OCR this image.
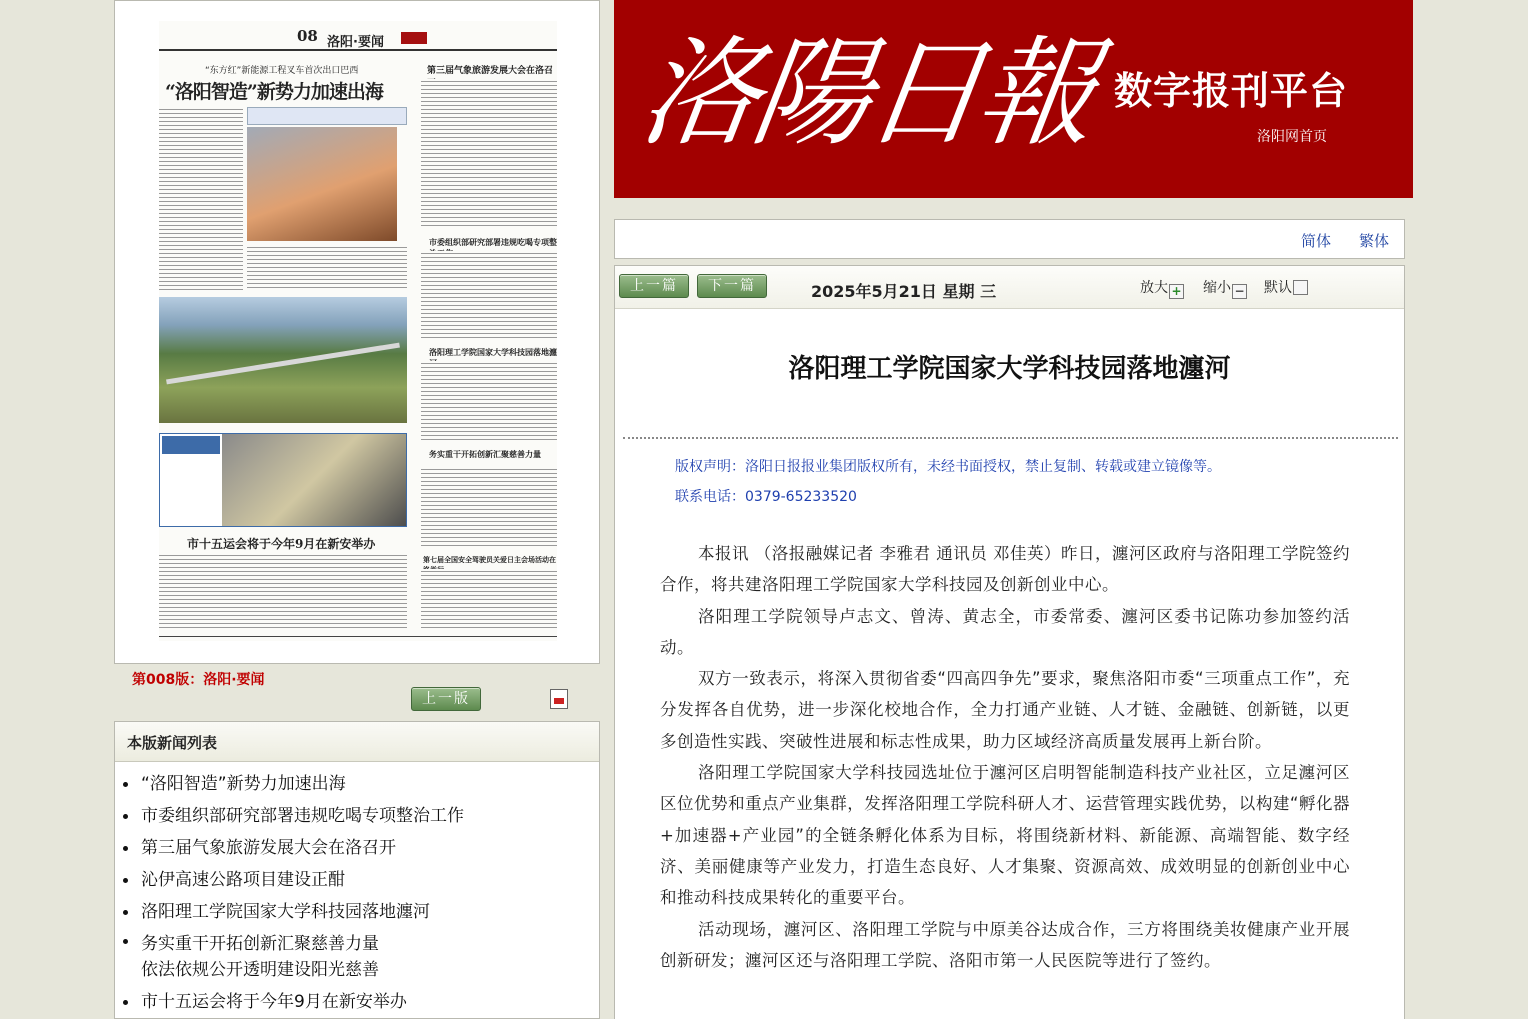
08 洛阳·要闻
“东方红”新能源工程叉车首次出口巴西
“洛阳智造”新势力加速出海
第三届气象旅游发展大会在洛召
市委组织部研究部署违规吃喝专项整
洛阳理工学院国家大学科技园落地瀍
务实重干开拓创新汇聚慈善力量
市十五运会将于今年9月在新安举办
第七届全国安全驾驶员关爱日主会场活动在
第008版：洛阳·要闻
上一版
本版新闻列表
“洛阳智造”新势力加速出海
市委组织部研究部署违规吃喝专项整治工作
第三届气象旅游发展大会在洛召开
沁伊高速公路项目建设正酣
洛阳理工学院国家大学科技园落地瀍河
务实重干开拓创新汇聚慈善力量
依法依规公开透明建设阳光慈善
市十五运会将于今年9月在新安举办
洛陽日報 数字报刊平台
洛阳网首页
简体 繁体
上一篇	下一篇	2025年5月21日 星期 三	放大 + 缩小 − 默认
洛阳理工学院国家大学科技园落地瀍河
版权声明：洛阳日报报业集团版权所有，未经书面授权，禁止复制、转载或建立镜像等。
联系电话：0379-65233520

本报讯 （洛报融媒记者 李雅君 通讯员 邓佳英）昨日，瀍河区政府与洛阳理工学院签约合作，将共建洛阳理工学院国家大学科技园及创新创业中心。

洛阳理工学院领导卢志文、曾涛、黄志全，市委常委、瀍河区委书记陈功参加签约活动。

双方一致表示，将深入贯彻省委“四高四争先”要求，聚焦洛阳市委“三项重点工作”，充分发挥各自优势，进一步深化校地合作，全力打通产业链、人才链、金融链、创新链，以更多创造性实践、突破性进展和标志性成果，助力区域经济高质量发展再上新台阶。

洛阳理工学院国家大学科技园选址位于瀍河区启明智能制造科技产业社区，立足瀍河区区位优势和重点产业集群，发挥洛阳理工学院科研人才、运营管理实践优势，以构建“孵化器+加速器+产业园”的全链条孵化体系为目标，将围绕新材料、新能源、高端智能、数字经济、美丽健康等产业发力，打造生态良好、人才集聚、资源高效、成效明显的创新创业中心和推动科技成果转化的重要平台。

活动现场，瀍河区、洛阳理工学院与中原美谷达成合作，三方将围绕美妆健康产业开展创新研发；瀍河区还与洛阳理工学院、洛阳市第一人民医院等进行了签约。
